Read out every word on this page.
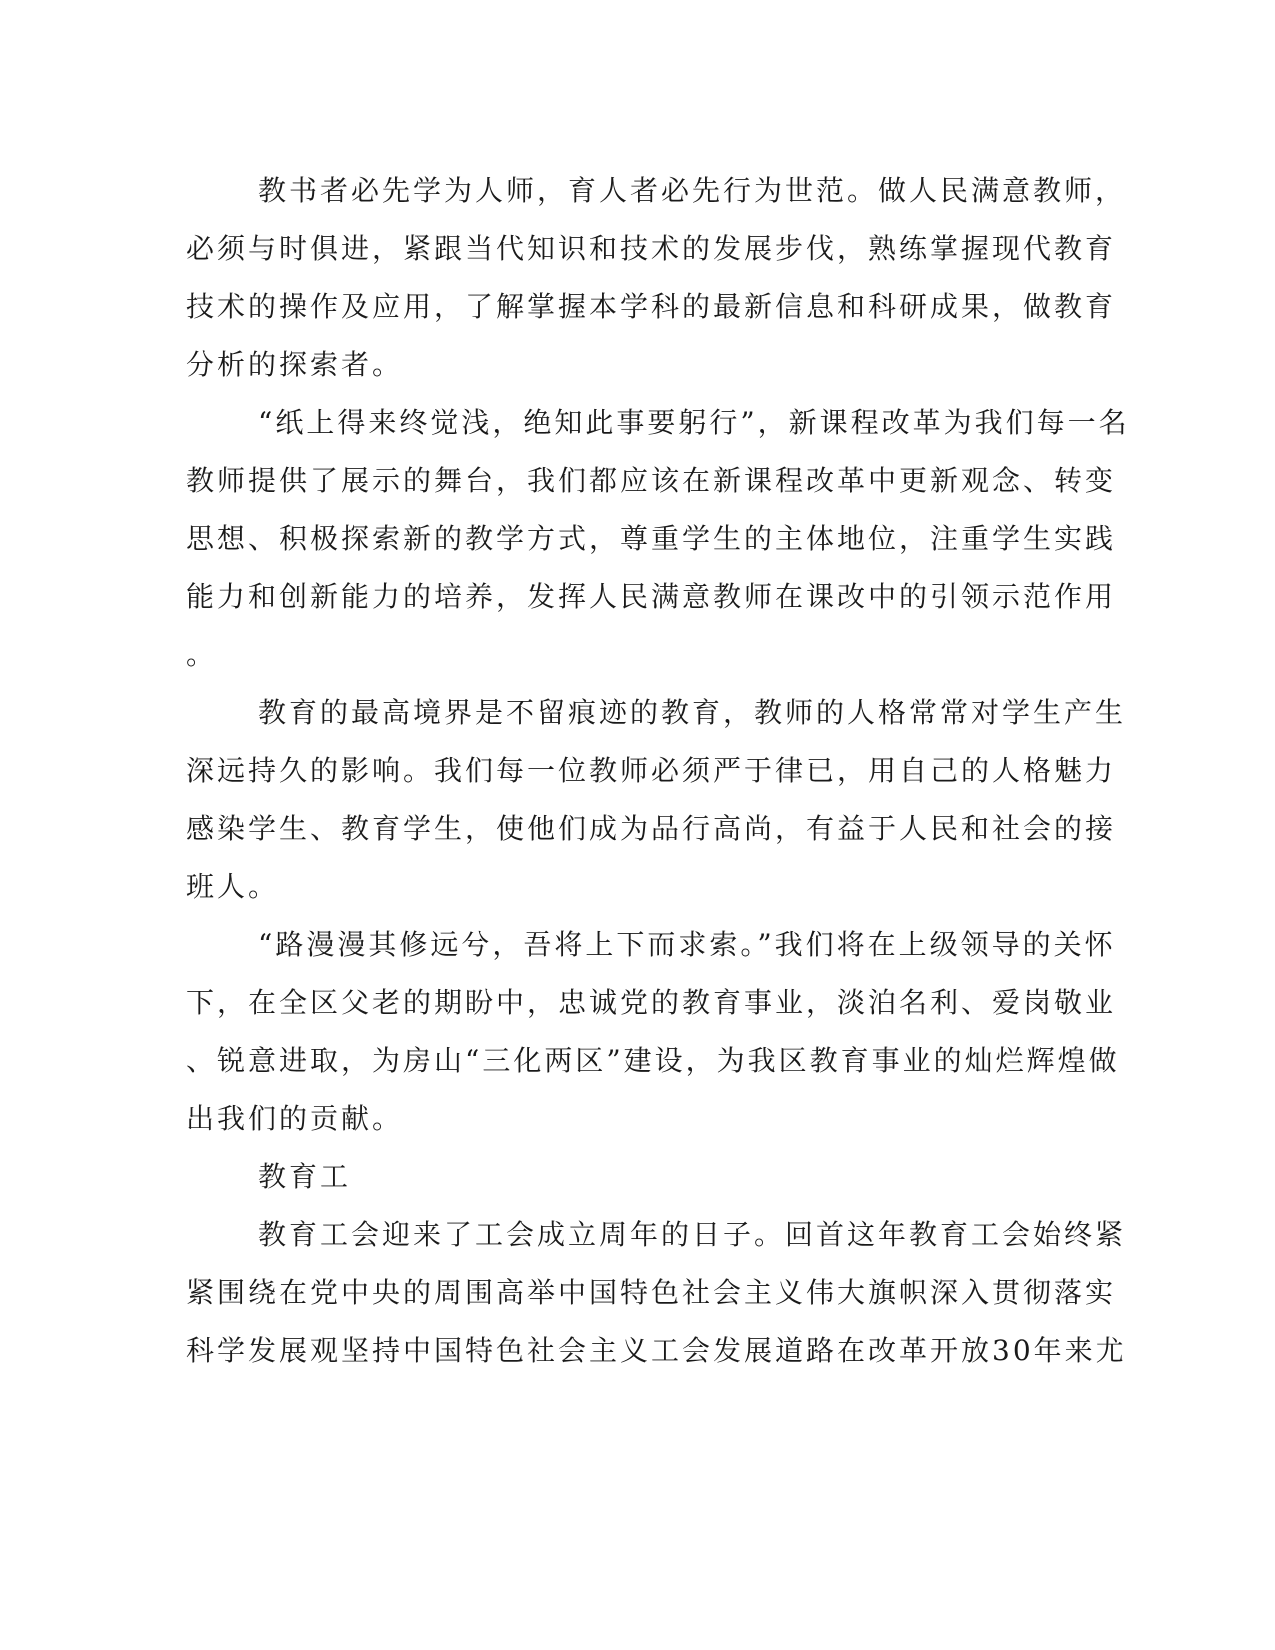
教书者必先学为人师，育人者必先行为世范。做人民满意教师，
必须与时俱进，紧跟当代知识和技术的发展步伐，熟练掌握现代教育
技术的操作及应用，了解掌握本学科的最新信息和科研成果，做教育
分析的探索者。
“纸上得来终觉浅，绝知此事要躬行”，新课程改革为我们每一名
教师提供了展示的舞台，我们都应该在新课程改革中更新观念、转变
思想、积极探索新的教学方式，尊重学生的主体地位，注重学生实践
能力和创新能力的培养，发挥人民满意教师在课改中的引领示范作用
。
教育的最高境界是不留痕迹的教育，教师的人格常常对学生产生
深远持久的影响。我们每一位教师必须严于律已，用自己的人格魅力
感染学生、教育学生，使他们成为品行高尚，有益于人民和社会的接
班人。
“路漫漫其修远兮，吾将上下而求索。”我们将在上级领导的关怀
下，在全区父老的期盼中，忠诚党的教育事业，淡泊名利、爱岗敬业
、锐意进取，为房山“三化两区”建设，为我区教育事业的灿烂辉煌做
出我们的贡献。
教育工
教育工会迎来了工会成立周年的日子。回首这年教育工会始终紧
紧围绕在党中央的周围高举中国特色社会主义伟大旗帜深入贯彻落实
科学发展观坚持中国特色社会主义工会发展道路在改革开放30年来尤
